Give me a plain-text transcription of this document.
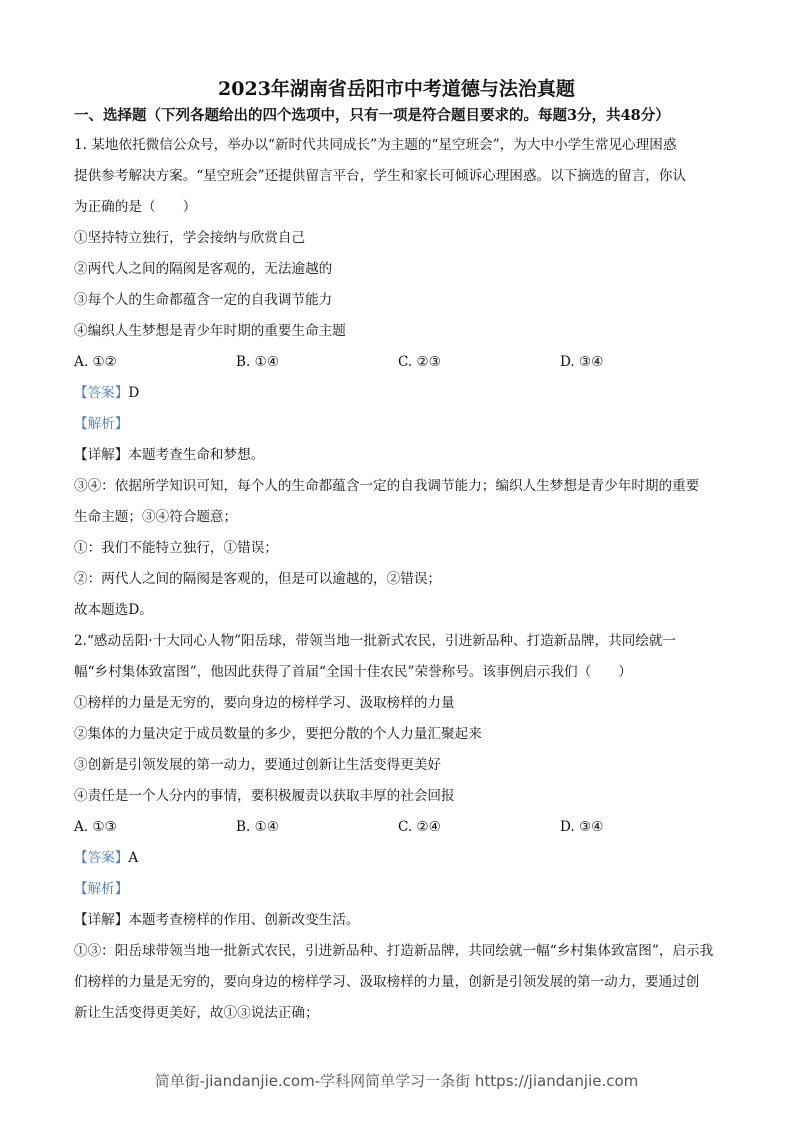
2023年湖南省岳阳市中考道德与法治真题
一、选择题（下列各题给出的四个选项中，只有一项是符合题目要求的。每题3分，共48分）
1. 某地依托微信公众号，举办以“新时代共同成长”为主题的“星空班会”，为大中小学生常见心理困惑
提供参考解决方案。“星空班会”还提供留言平台，学生和家长可倾诉心理困惑。以下摘选的留言，你认
为正确的是（　　）
①坚持特立独行，学会接纳与欣赏自己
②两代人之间的隔阂是客观的，无法逾越的
③每个人的生命都蕴含一定的自我调节能力
④编织人生梦想是青少年时期的重要生命主题
A. ①②	B. ①④	C. ②③	D. ③④
【答案】D
【解析】
【详解】本题考查生命和梦想。
③④：依据所学知识可知，每个人的生命都蕴含一定的自我调节能力；编织人生梦想是青少年时期的重要
生命主题；③④符合题意；
①：我们不能特立独行，①错误；
②：两代人之间的隔阂是客观的，但是可以逾越的，②错误；
故本题选D。
2.“感动岳阳·十大同心人物”阳岳球，带领当地一批新式农民，引进新品种、打造新品牌，共同绘就一
幅“乡村集体致富图”，他因此获得了首届“全国十佳农民”荣誉称号。该事例启示我们（　　）
①榜样的力量是无穷的，要向身边的榜样学习、汲取榜样的力量
②集体的力量决定于成员数量的多少，要把分散的个人力量汇聚起来
③创新是引领发展的第一动力，要通过创新让生活变得更美好
④责任是一个人分内的事情，要积极履责以获取丰厚的社会回报
A. ①③	B. ①④	C. ②④	D. ③④
【答案】A
【解析】
【详解】本题考查榜样的作用、创新改变生活。
①③：阳岳球带领当地一批新式农民，引进新品种、打造新品牌，共同绘就一幅“乡村集体致富图”，启示我
们榜样的力量是无穷的，要向身边的榜样学习、汲取榜样的力量，创新是引领发展的第一动力，要通过创
新让生活变得更美好，故①③说法正确；
简单街-jiandanjie.com-学科网简单学习一条街 https://jiandanjie.com
